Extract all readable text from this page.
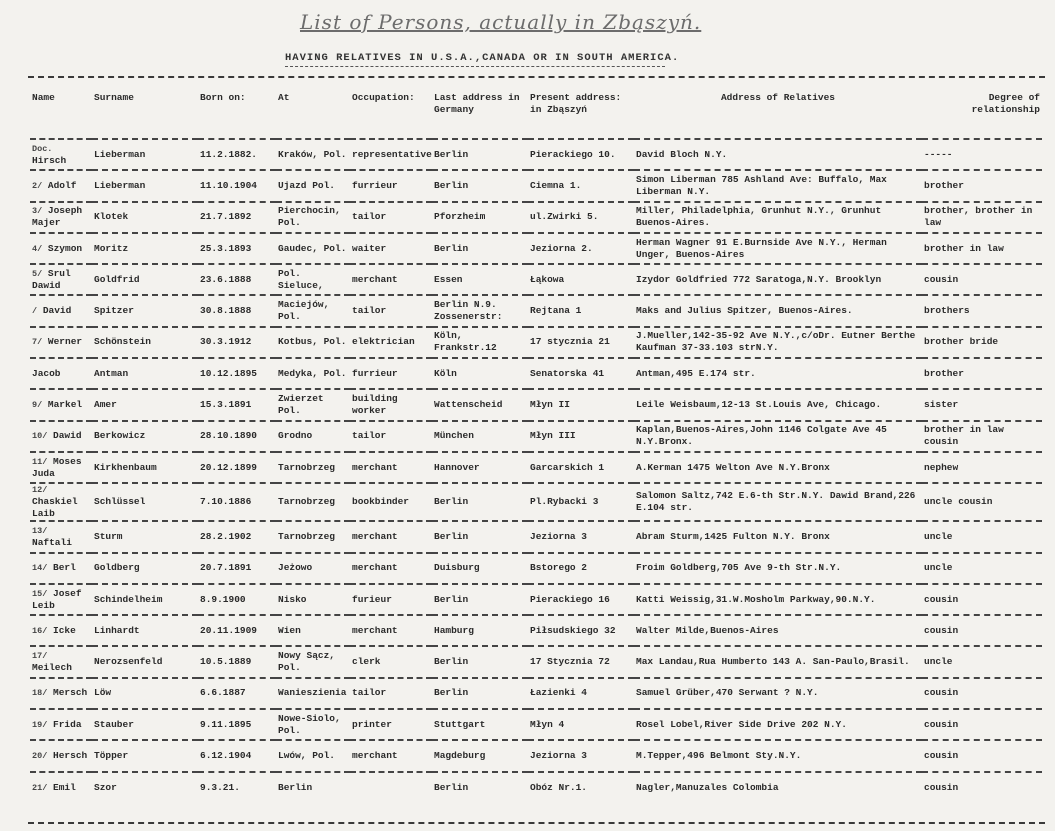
List of Persons, actually in Zbąszyń.
HAVING RELATIVES IN U.S.A.,CANADA OR IN SOUTH AMERICA.
Name	Surname	Born on:	At	Occupation:	Last address in Germany	Present address: in Zbąszyń	Address of Relatives	Degree of relationship
Doc. Hirsch	Lieberman	11.2.1882.	Kraków, Pol.	representative	Berlin	Pierackiego 10.	David Bloch N.Y.	-----
2/ Adolf	Lieberman	11.10.1904	Ujazd Pol.	furrieur	Berlin	Ciemna 1.	Simon Liberman 785 Ashland Ave: Buffalo, Max Liberman N.Y.	brother
3/ Joseph Majer	Klotek	21.7.1892	Pierchocin, Pol.	tailor	Pforzheim	ul.Zwirki 5.	Miller, Philadelphia, Grunhut N.Y., Grunhut Buenos-Aires.	brother, brother in law
4/ Szymon	Moritz	25.3.1893	Gaudec, Pol.	waiter	Berlin	Jeziorna 2.	Herman Wagner 91 E.Burnside Ave N.Y., Herman Unger, Buenos-Aires	brother in law
5/ Srul Dawid	Goldfrid	23.6.1888	Pol. Sieluce,	merchant	Essen	Łąkowa	Izydor Goldfried 772 Saratoga,N.Y. Brooklyn	cousin
/ David	Spitzer	30.8.1888	Maciejów, Pol.	tailor	Berlin N.9. Zossenerstr:	Rejtana 1	Maks and Julius Spitzer, Buenos-Aires.	brothers
7/ Werner	Schönstein	30.3.1912	Kotbus, Pol.	elektrician	Köln, Frankstr.12	17 stycznia 21	J.Mueller,142-35-92 Ave N.Y.,c/oDr. Eutner Berthe Kaufman 37-33.103 strN.Y.	brother bride
Jacob	Antman	10.12.1895	Medyka, Pol.	furrieur	Köln	Senatorska 41	Antman,495 E.174 str.	brother
9/ Markel	Amer	15.3.1891	Zwierzet Pol.	building worker	Wattenscheid	Młyn II	Leile Weisbaum,12-13 St.Louis Ave, Chicago.	sister
10/ Dawid	Berkowicz	28.10.1890	Grodno	tailor	München	Młyn III	Kaplan,Buenos-Aires,John 1146 Colgate Ave 45 N.Y.Bronx.	brother in law cousin
11/ Moses Juda	Kirkhenbaum	20.12.1899	Tarnobrzeg	merchant	Hannover	Garcarskich 1	A.Kerman 1475 Welton Ave N.Y.Bronx	nephew
12/ Chaskiel Laib	Schlüssel	7.10.1886	Tarnobrzeg	bookbinder	Berlin	Pl.Rybacki 3	Salomon Saltz,742 E.6-th Str.N.Y. Dawid Brand,226 E.104 str.	uncle cousin
13/ Naftali	Sturm	28.2.1902	Tarnobrzeg	merchant	Berlin	Jeziorna 3	Abram Sturm,1425 Fulton N.Y. Bronx	uncle
14/ Berl	Goldberg	20.7.1891	Jeżowo	merchant	Duisburg	Bstorego 2	Froim Goldberg,705 Ave 9-th Str.N.Y.	uncle
15/ Josef Leib	Schindelheim	8.9.1900	Nisko	furieur	Berlin	Pierackiego 16	Katti Weissig,31.W.Mosholm Parkway,90.N.Y.	cousin
16/ Icke	Linhardt	20.11.1909	Wien	merchant	Hamburg	Piłsudskiego 32	Walter Milde,Buenos-Aires	cousin
17/ Meilech	Nerozsenfeld	10.5.1889	Nowy Sącz, Pol.	clerk	Berlin	17 Stycznia 72	Max Landau,Rua Humberto 143 A. San-Paulo,Brasil.	uncle
18/ Mersch	Löw	6.6.1887	Wanieszienia	tailor	Berlin	Łazienki 4	Samuel Grüber,470 Serwant ? N.Y.	cousin
19/ Frida	Stauber	9.11.1895	Nowe-Siolo, Pol.	printer	Stuttgart	Młyn 4	Rosel Lobel,River Side Drive 202 N.Y.	cousin
20/ Hersch	Töpper	6.12.1904	Lwów, Pol.	merchant	Magdeburg	Jeziorna 3	M.Tepper,496 Belmont Sty.N.Y.	cousin
21/ Emil	Szor	9.3.21.	Berlin		Berlin	Obóz Nr.1.	Nagler,Manuzales Colombia	cousin
